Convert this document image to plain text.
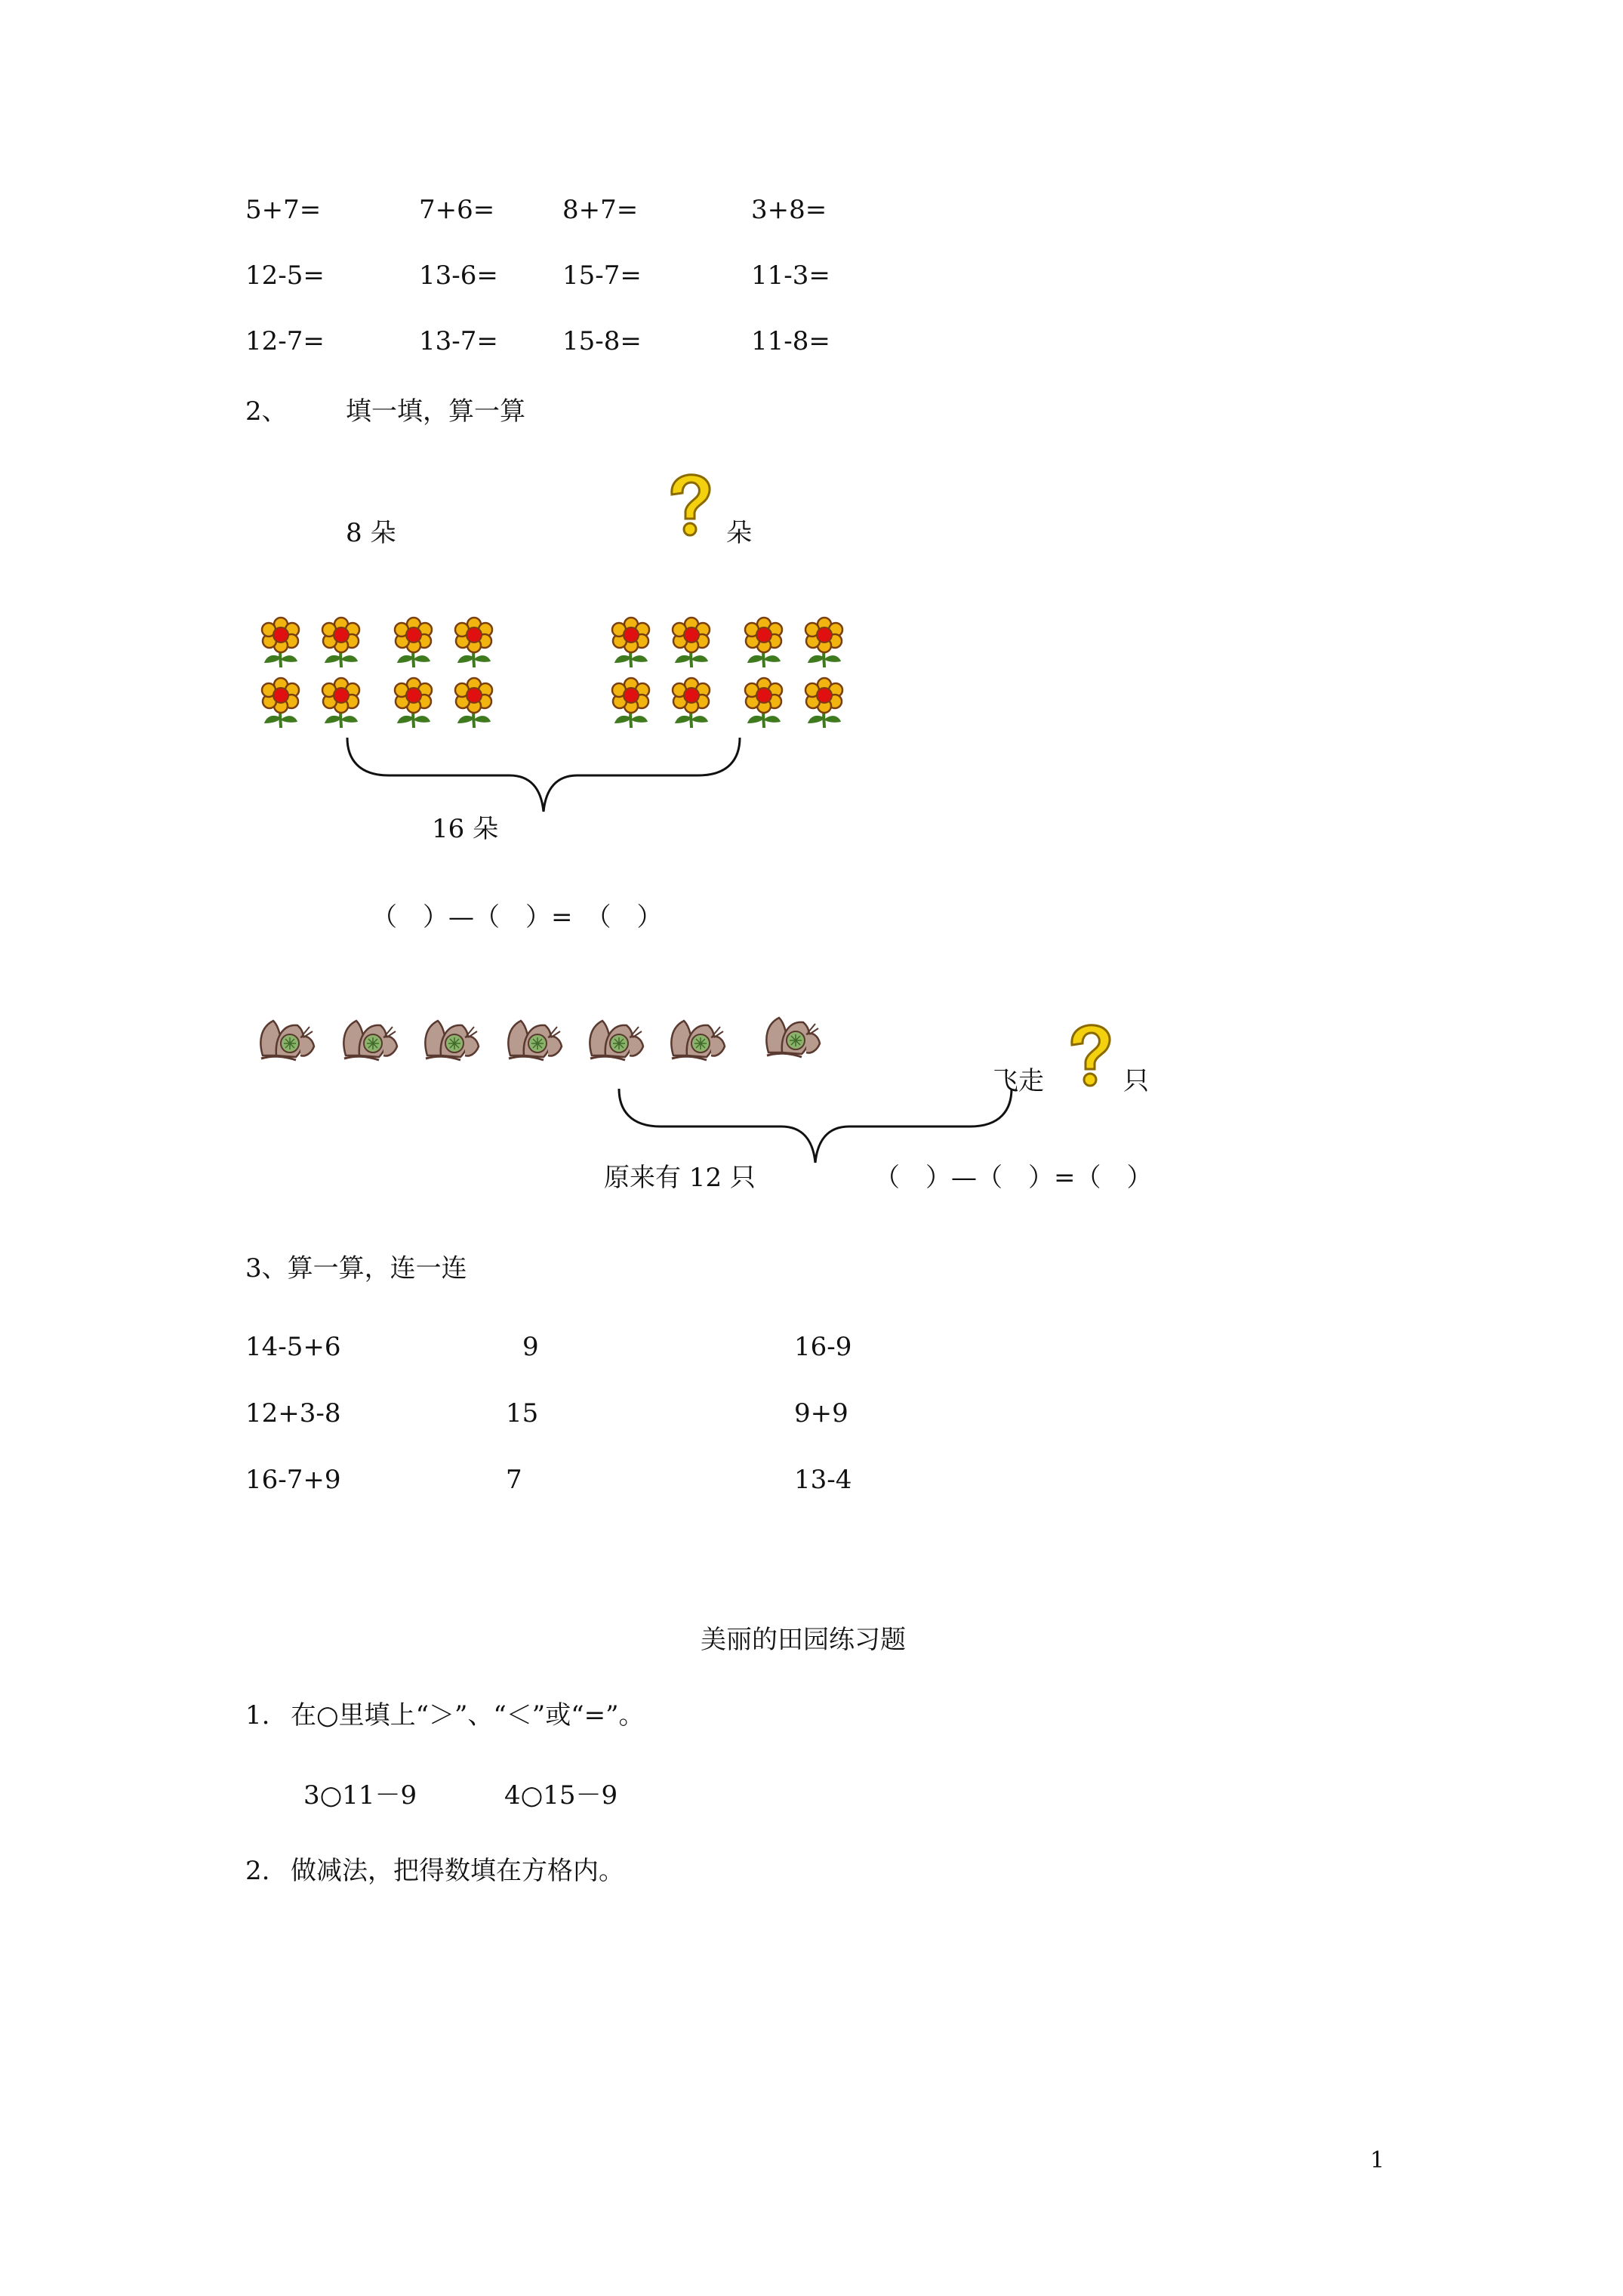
5+7=	7+6=	8+7=	3+8=
12-5=	13-6=	15-7=	11-3=
12-7=	13-7=	15-8=	11-8=
2、 填一填，算一算
8 朵	朵
16 朵
（　）—（　）=　（　）
飞走	只
原来有 12 只	（　）—（　）=（　）
3、算一算，连一连
14-5+6	9	16-9
12+3-8	15	9+9
16-7+9	7	13-4
美丽的田园练习题
1. 在○里填上“＞”、“＜”或“=”。
3○11－9	4○15－9
2. 做减法，把得数填在方格内。
1
